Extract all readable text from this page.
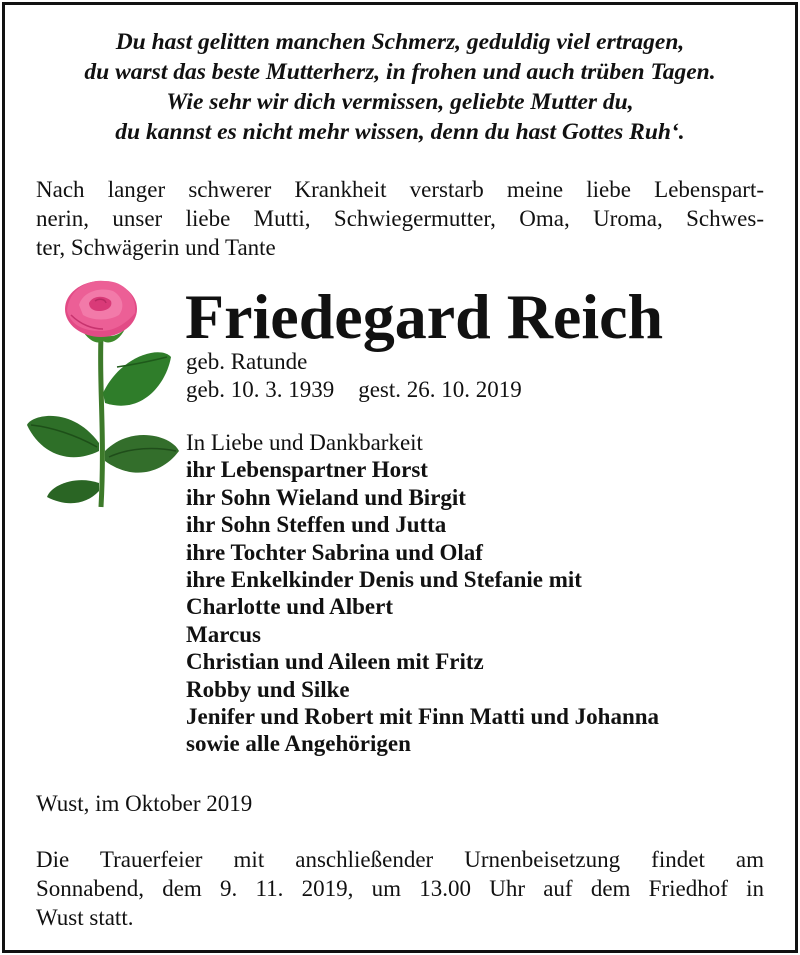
Du hast gelitten manchen Schmerz, geduldig viel ertragen,
du warst das beste Mutterherz, in frohen und auch trüben Tagen.
Wie sehr wir dich vermissen, geliebte Mutter du,
du kannst es nicht mehr wissen, denn du hast Gottes Ruh‘.
Nach langer schwerer Krankheit verstarb meine liebe Lebenspart-
nerin, unser liebe Mutti, Schwiegermutter, Oma, Uroma, Schwes-
ter, Schwägerin und Tante
Friedegard Reich
geb. Ratunde
geb. 10. 3. 1939 gest. 26. 10. 2019
In Liebe und Dankbarkeit
ihr Lebenspartner Horst
ihr Sohn Wieland und Birgit
ihr Sohn Steffen und Jutta
ihre Tochter Sabrina und Olaf
ihre Enkelkinder Denis und Stefanie mit
Charlotte und Albert
Marcus
Christian und Aileen mit Fritz
Robby und Silke
Jenifer und Robert mit Finn Matti und Johanna
sowie alle Angehörigen
Wust, im Oktober 2019
Die Trauerfeier mit anschließender Urnenbeisetzung findet am
Sonnabend, dem 9. 11. 2019, um 13.00 Uhr auf dem Friedhof in
Wust statt.
